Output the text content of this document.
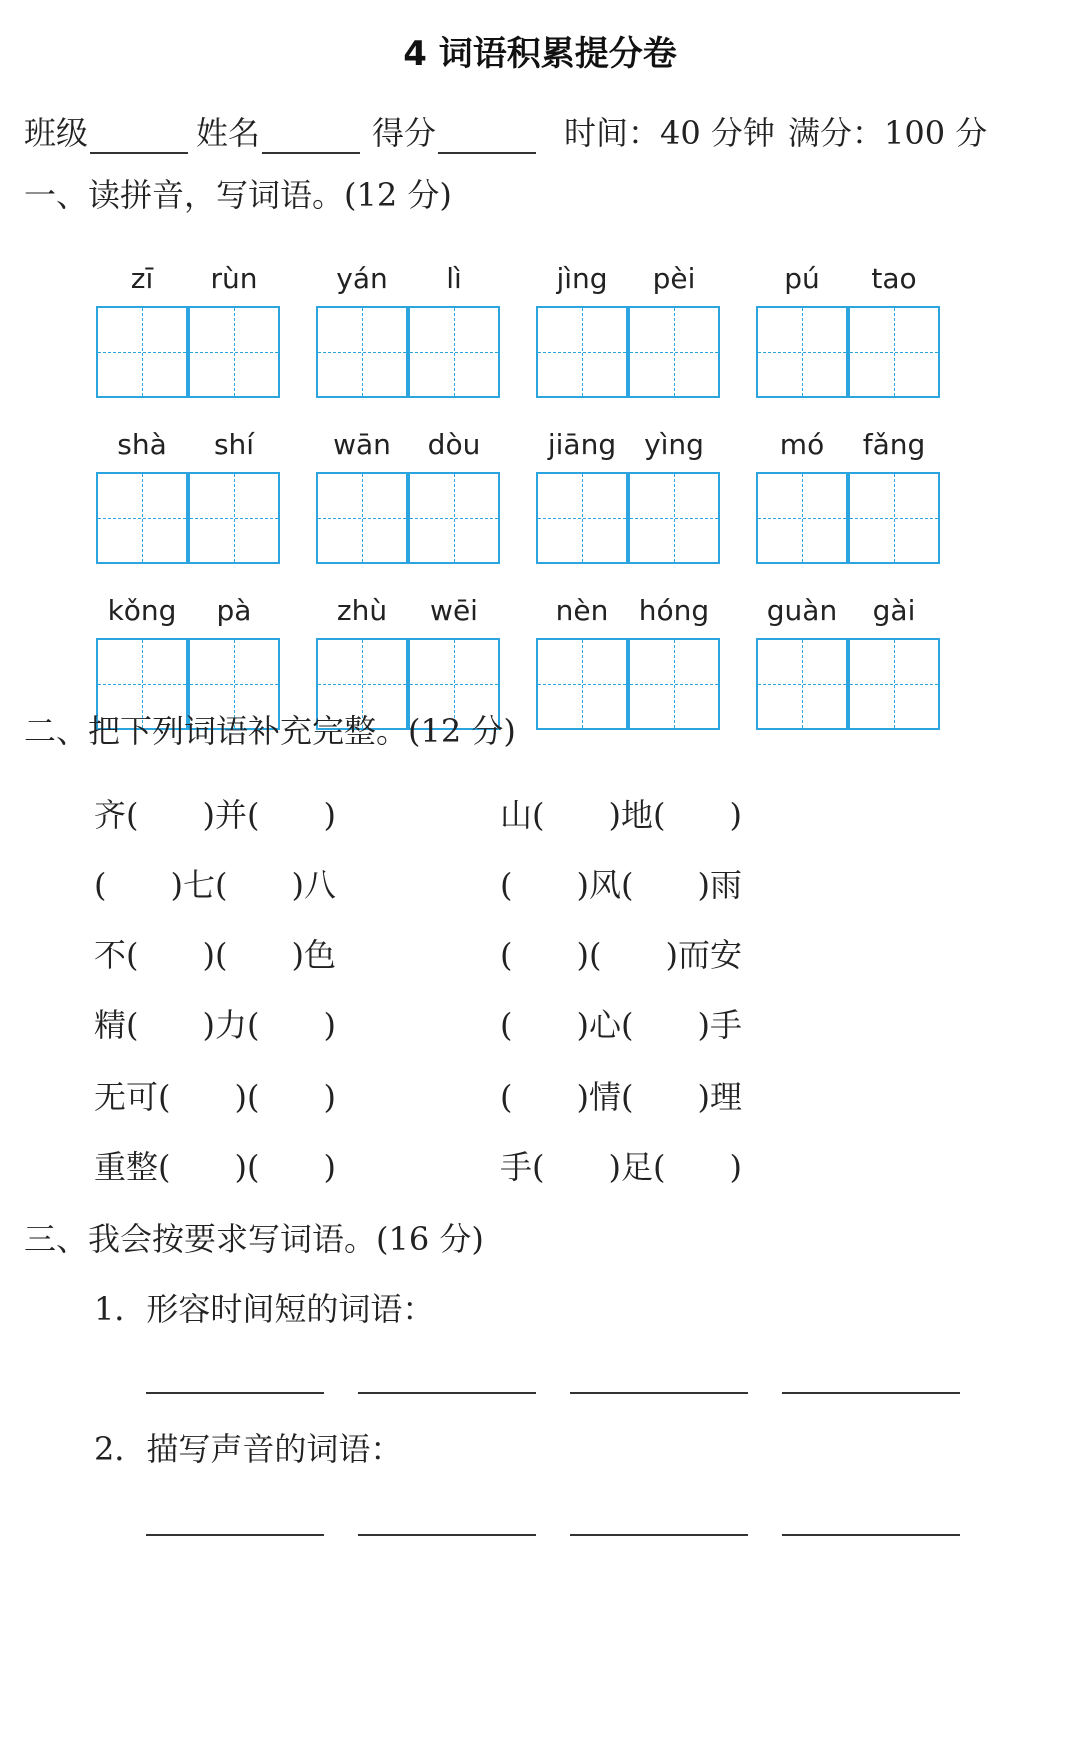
4 词语积累提分卷
班级	姓名	得分	时间：40 分钟 满分：100 分
一、读拼音，写词语。(12 分)
zī	rùn	yán	lì	jìng	pèi	pú	tao
shà	shí	wān	dòu	jiāng yìng	mó	fǎng
kǒng	pà	zhù	wēi	nèn	hóng	guàn	gài
二、把下列词语补充完整。(12 分)
齐(　　)并(　　)
(　　)七(　　)八
不(　　)(　　)色
精(　　)力(　　)
无可(　　)(　　)
重整(　　)(　　)
山(　　)地(　　)
(　　)风(　　)雨
(　　)(　　)而安
(　　)心(　　)手
(　　)情(　　)理
手(　　)足(　　)
三、我会按要求写词语。(16 分)
1．形容时间短的词语：
2．描写声音的词语：
